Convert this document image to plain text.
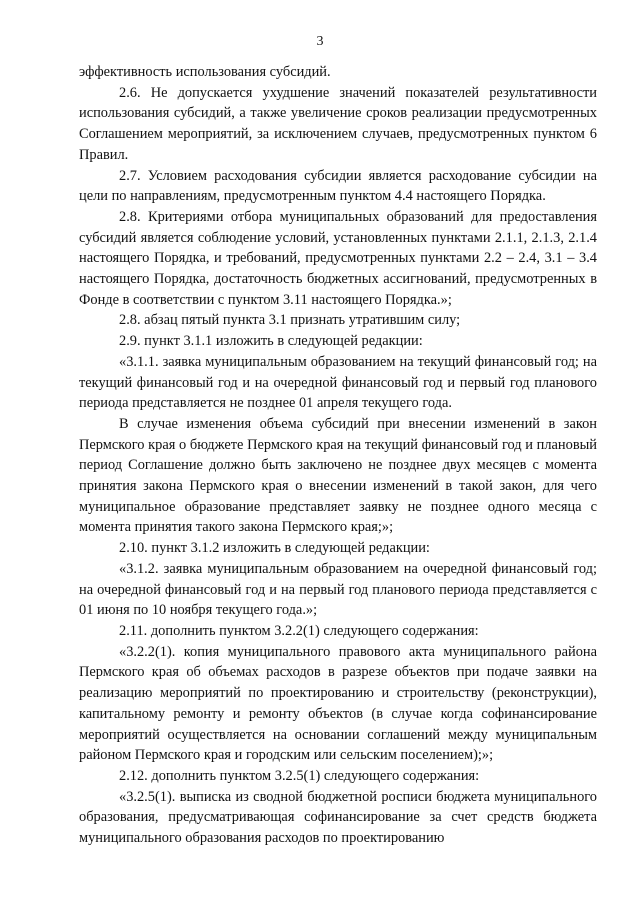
3

эффективность использования субсидий.

2.6. Не допускается ухудшение значений показателей результативности использования субсидий, а также увеличение сроков реализации предусмотренных Соглашением мероприятий, за исключением случаев, предусмотренных пунктом 6 Правил.

2.7. Условием расходования субсидии является расходование субсидии на цели по направлениям, предусмотренным пунктом 4.4 настоящего Порядка.

2.8. Критериями отбора муниципальных образований для предоставления субсидий является соблюдение условий, установленных пунктами 2.1.1, 2.1.3, 2.1.4 настоящего Порядка, и требований, предусмотренных пунктами 2.2 – 2.4, 3.1 – 3.4 настоящего Порядка, достаточность бюджетных ассигнований, предусмотренных в Фонде в соответствии с пунктом 3.11 настоящего Порядка.»;

2.8. абзац пятый пункта 3.1 признать утратившим силу;

2.9. пункт 3.1.1 изложить в следующей редакции:

«3.1.1. заявка муниципальным образованием на текущий финансовый год; на текущий финансовый год и на очередной финансовый год и первый год планового периода представляется не позднее 01 апреля текущего года.

В случае изменения объема субсидий при внесении изменений в закон Пермского края о бюджете Пермского края на текущий финансовый год и плановый период Соглашение должно быть заключено не позднее двух месяцев с момента принятия закона Пермского края о внесении изменений в такой закон, для чего муниципальное образование представляет заявку не позднее одного месяца с момента принятия такого закона Пермского края;»;

2.10. пункт 3.1.2 изложить в следующей редакции:

«3.1.2. заявка муниципальным образованием на очередной финансовый год; на очередной финансовый год и на первый год планового периода представляется с 01 июня по 10 ноября текущего года.»;

2.11. дополнить пунктом 3.2.2(1) следующего содержания:

«3.2.2(1). копия муниципального правового акта муниципального района Пермского края об объемах расходов в разрезе объектов при подаче заявки на реализацию мероприятий по проектированию и строительству (реконструкции), капитальному ремонту и ремонту объектов (в случае когда софинансирование мероприятий осуществляется на основании соглашений между муниципальным районом Пермского края и городским или сельским поселением);»;

2.12. дополнить пунктом 3.2.5(1) следующего содержания:

«3.2.5(1). выписка из сводной бюджетной росписи бюджета муниципального образования, предусматривающая софинансирование за счет средств бюджета муниципального образования расходов по проектированию
